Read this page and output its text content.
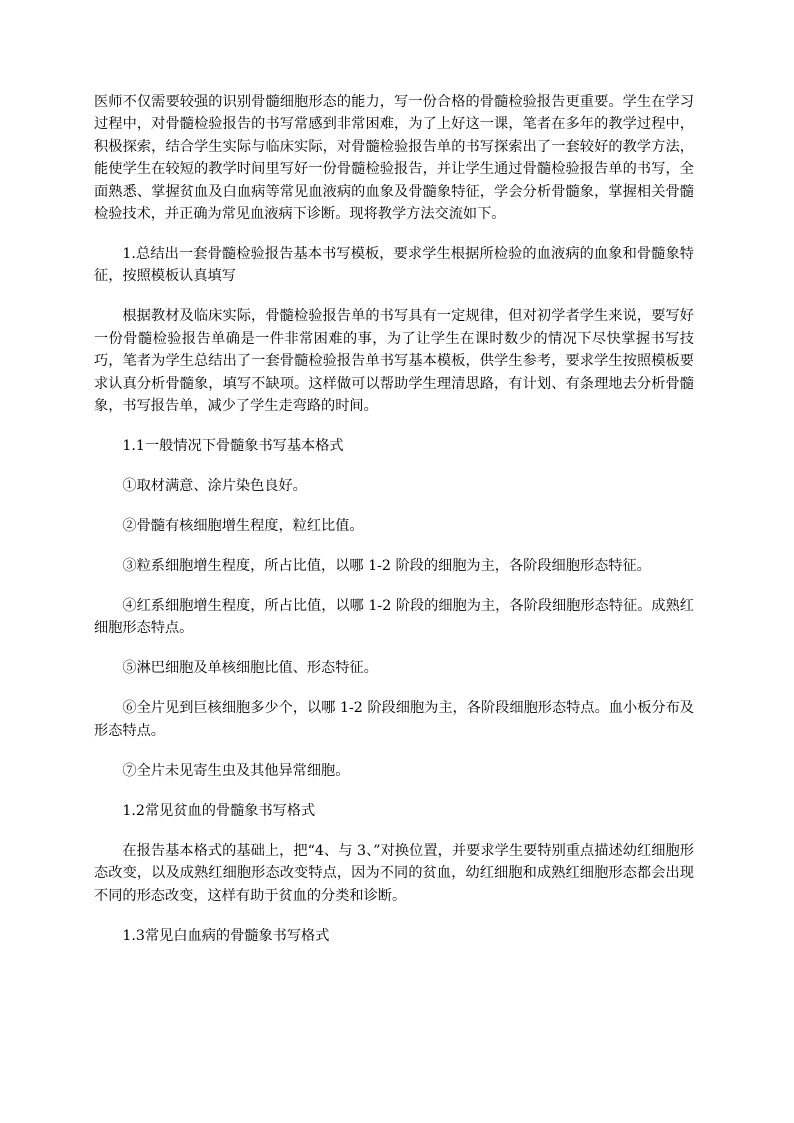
医师不仅需要较强的识别骨髓细胞形态的能力，写一份合格的骨髓检验报告更重要。学生在学习过程中，对骨髓检验报告的书写常感到非常困难，为了上好这一课，笔者在多年的教学过程中，积极探索，结合学生实际与临床实际，对骨髓检验报告单的书写探索出了一套较好的教学方法，能使学生在较短的教学时间里写好一份骨髓检验报告，并让学生通过骨髓检验报告单的书写，全面熟悉、掌握贫血及白血病等常见血液病的血象及骨髓象特征，学会分析骨髓象，掌握相关骨髓检验技术，并正确为常见血液病下诊断。现将教学方法交流如下。

1.总结出一套骨髓检验报告基本书写模板，要求学生根据所检验的血液病的血象和骨髓象特征，按照模板认真填写

根据教材及临床实际，骨髓检验报告单的书写具有一定规律，但对初学者学生来说，要写好一份骨髓检验报告单确是一件非常困难的事，为了让学生在课时数少的情况下尽快掌握书写技巧，笔者为学生总结出了一套骨髓检验报告单书写基本模板，供学生参考，要求学生按照模板要求认真分析骨髓象，填写不缺项。这样做可以帮助学生理清思路，有计划、有条理地去分析骨髓象，书写报告单，减少了学生走弯路的时间。

1.1一般情况下骨髓象书写基本格式

①取材满意、涂片染色良好。

②骨髓有核细胞增生程度，粒红比值。

③粒系细胞增生程度，所占比值，以哪 1-2 阶段的细胞为主，各阶段细胞形态特征。

④红系细胞增生程度，所占比值，以哪 1-2 阶段的细胞为主，各阶段细胞形态特征。成熟红细胞形态特点。

⑤淋巴细胞及单核细胞比值、形态特征。

⑥全片见到巨核细胞多少个，以哪 1-2 阶段细胞为主，各阶段细胞形态特点。血小板分布及形态特点。

⑦全片未见寄生虫及其他异常细胞。

1.2常见贫血的骨髓象书写格式

在报告基本格式的基础上，把“4、与 3、”对换位置，并要求学生要特别重点描述幼红细胞形态改变，以及成熟红细胞形态改变特点，因为不同的贫血，幼红细胞和成熟红细胞形态都会出现不同的形态改变，这样有助于贫血的分类和诊断。

1.3常见白血病的骨髓象书写格式
